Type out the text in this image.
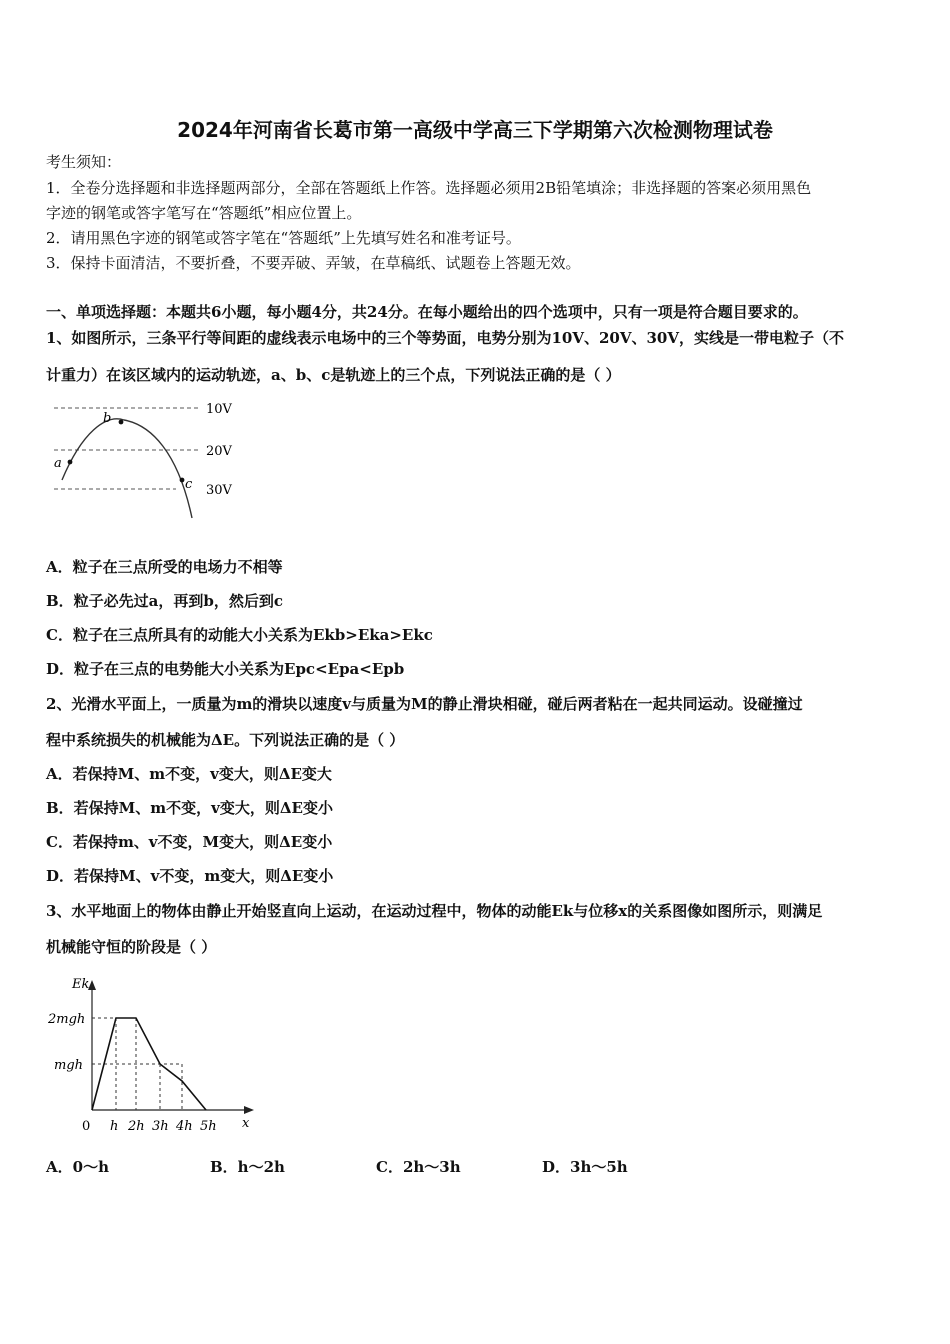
2024年河南省长葛市第一高级中学高三下学期第六次检测物理试卷
考生须知：
1．全卷分选择题和非选择题两部分，全部在答题纸上作答。选择题必须用2B铅笔填涂；非选择题的答案必须用黑色
字迹的钢笔或答字笔写在“答题纸”相应位置上。
2．请用黑色字迹的钢笔或答字笔在“答题纸”上先填写姓名和准考证号。
3．保持卡面清洁，不要折叠，不要弄破、弄皱，在草稿纸、试题卷上答题无效。
一、单项选择题：本题共6小题，每小题4分，共24分。在每小题给出的四个选项中，只有一项是符合题目要求的。
1、如图所示，三条平行等间距的虚线表示电场中的三个等势面，电势分别为10V、20V、30V，实线是一带电粒子（不
计重力）在该区域内的运动轨迹，a、b、c是轨迹上的三个点，下列说法正确的是（ ）
10V
20V
30V
a
b
c
A．粒子在三点所受的电场力不相等
B．粒子必先过a，再到b，然后到c
C．粒子在三点所具有的动能大小关系为Ekb>Eka>Ekc
D．粒子在三点的电势能大小关系为Epc<Epa<Epb
2、光滑水平面上，一质量为m的滑块以速度v与质量为M的静止滑块相碰，碰后两者粘在一起共同运动。设碰撞过
程中系统损失的机械能为ΔE。下列说法正确的是（ ）
A．若保持M、m不变，v变大，则ΔE变大
B．若保持M、m不变，v变大，则ΔE变小
C．若保持m、v不变，M变大，则ΔE变小
D．若保持M、v不变，m变大，则ΔE变小
3、水平地面上的物体由静止开始竖直向上运动，在运动过程中，物体的动能Ek与位移x的关系图像如图所示，则满足
机械能守恒的阶段是（ ）
Ek
2mgh
mgh
0 h 2h 3h 4h 5h x
A．0～h	B．h～2h	C．2h～3h	D．3h～5h
